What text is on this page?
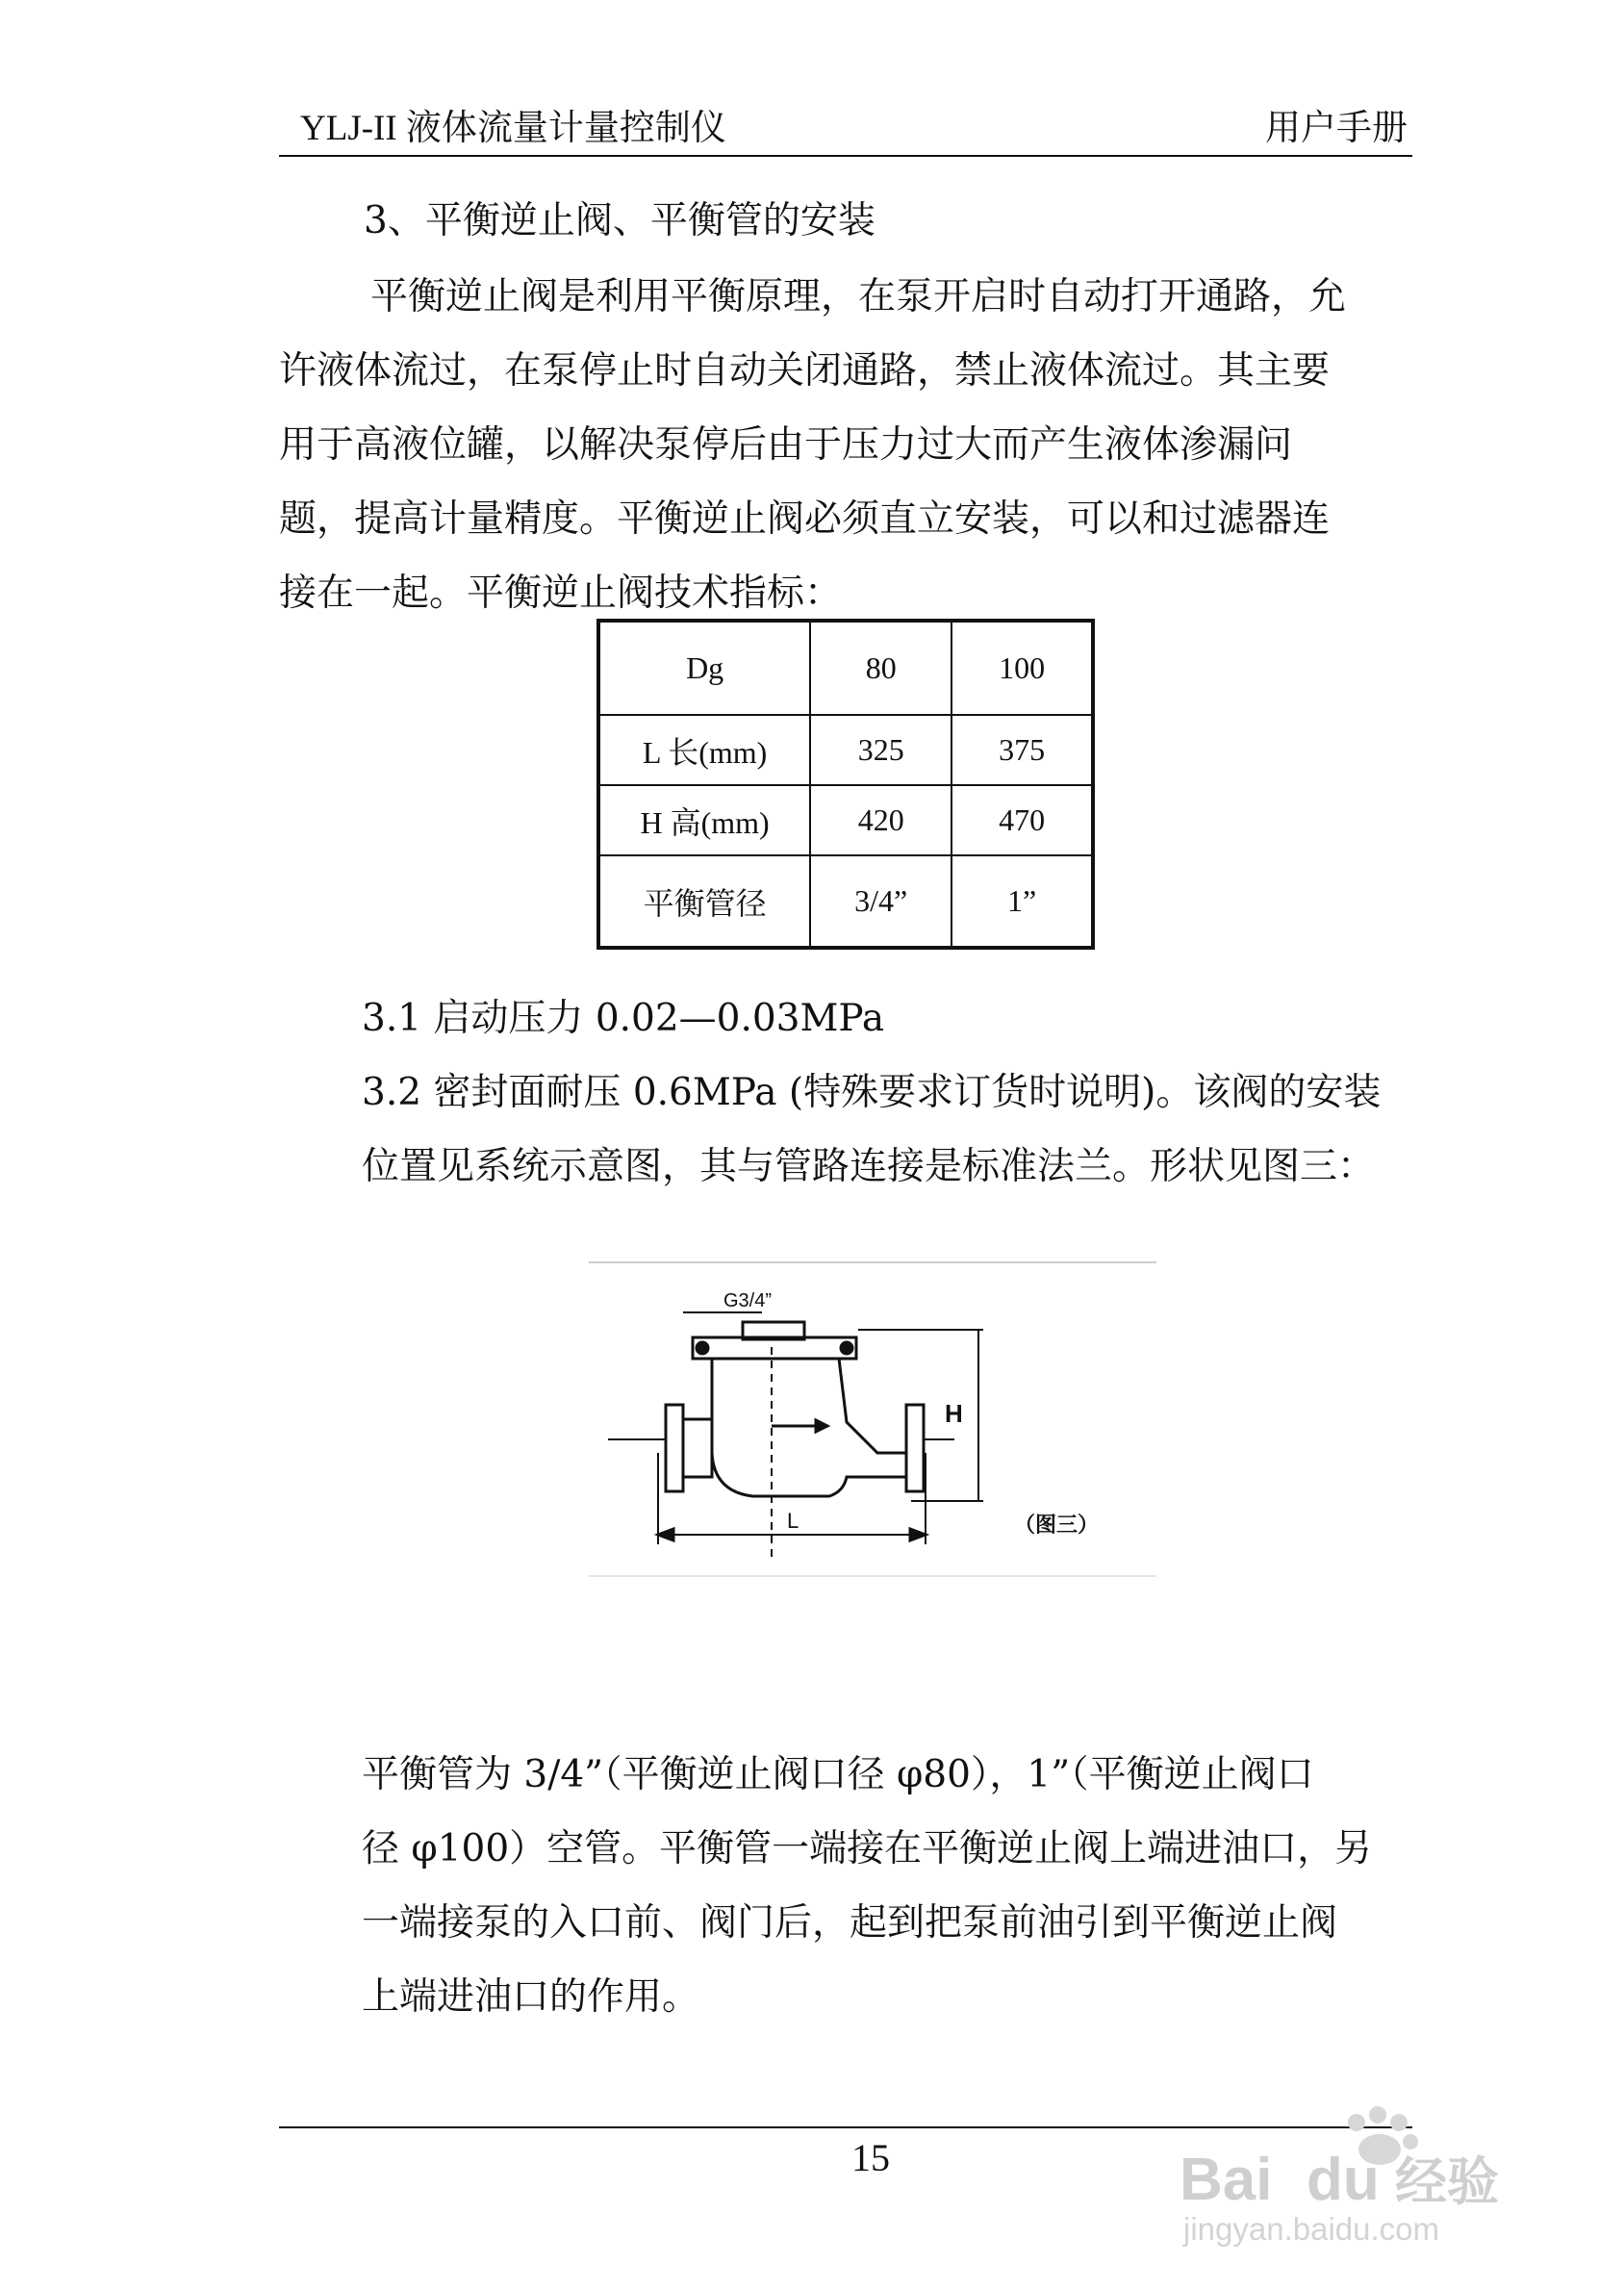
YLJ-II 液体流量计量控制仪	用户手册
3、平衡逆止阀、平衡管的安装
平衡逆止阀是利用平衡原理，在泵开启时自动打开通路，允
许液体流过，在泵停止时自动关闭通路，禁止液体流过。其主要
用于高液位罐，以解决泵停后由于压力过大而产生液体渗漏问
题，提高计量精度。平衡逆止阀必须直立安装，可以和过滤器连
接在一起。平衡逆止阀技术指标：
Dg	80	100
L 长(mm)	325	375
H 高(mm)	420	470
平衡管径	3/4”	1”
3.1 启动压力 0.02—0.03MPa
3.2 密封面耐压 0.6MPa (特殊要求订货时说明)。该阀的安装
位置见系统示意图，其与管路连接是标准法兰。形状见图三：
G3/4”
H
L	（图三）
平衡管为 3/4”（平衡逆止阀口径 φ80），1”（平衡逆止阀口
径 φ100）空管。平衡管一端接在平衡逆止阀上端进油口，另
一端接泵的入口前、阀门后，起到把泵前油引到平衡逆止阀
上端进油口的作用。
15	Bai du 经验
jingyan.baidu.com
